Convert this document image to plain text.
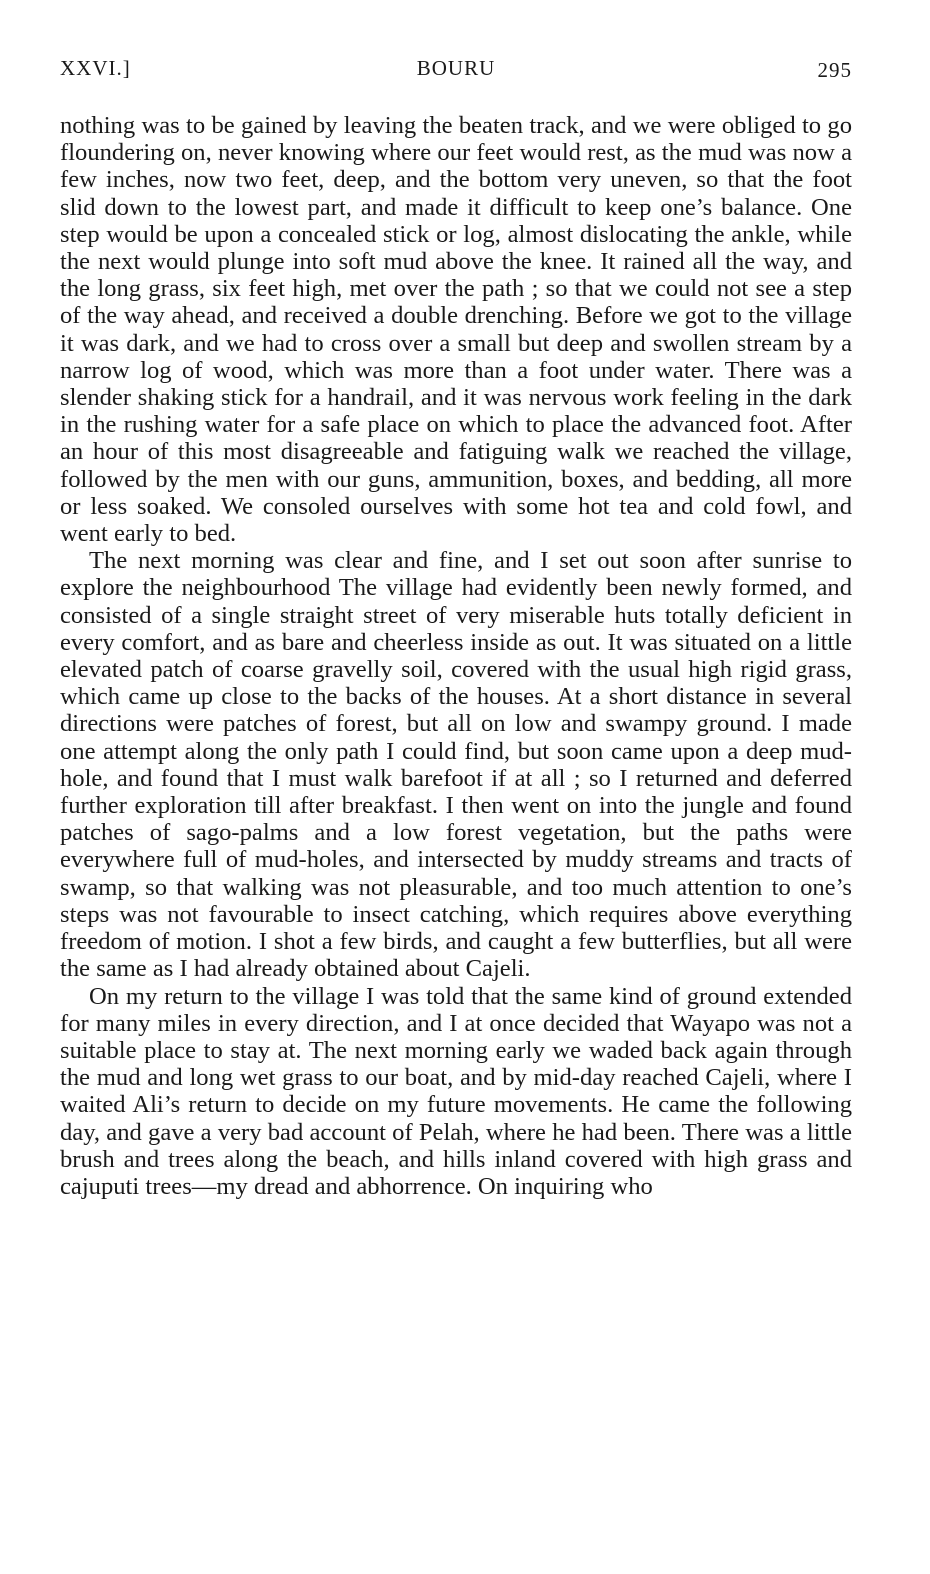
XXVI.]	BOURU	295

nothing was to be gained by leaving the beaten track, and we were obliged to go floundering on, never knowing where our feet would rest, as the mud was now a few inches, now two feet, deep, and the bottom very uneven, so that the foot slid down to the lowest part, and made it difficult to keep one’s balance. One step would be upon a concealed stick or log, almost dislocating the ankle, while the next would plunge into soft mud above the knee. It rained all the way, and the long grass, six feet high, met over the path ; so that we could not see a step of the way ahead, and received a double drenching. Before we got to the village it was dark, and we had to cross over a small but deep and swollen stream by a narrow log of wood, which was more than a foot under water. There was a slender shaking stick for a handrail, and it was nervous work feeling in the dark in the rushing water for a safe place on which to place the advanced foot. After an hour of this most disagreeable and fatiguing walk we reached the village, followed by the men with our guns, ammunition, boxes, and bedding, all more or less soaked. We consoled ourselves with some hot tea and cold fowl, and went early to bed.

The next morning was clear and fine, and I set out soon after sunrise to explore the neighbourhood The village had evidently been newly formed, and consisted of a single straight street of very miserable huts totally deficient in every comfort, and as bare and cheerless inside as out. It was situated on a little elevated patch of coarse gravelly soil, covered with the usual high rigid grass, which came up close to the backs of the houses. At a short distance in several directions were patches of forest, but all on low and swampy ground. I made one attempt along the only path I could find, but soon came upon a deep mud-hole, and found that I must walk barefoot if at all ; so I returned and deferred further exploration till after breakfast. I then went on into the jungle and found patches of sago-palms and a low forest vegetation, but the paths were everywhere full of mud-holes, and intersected by muddy streams and tracts of swamp, so that walking was not pleasurable, and too much attention to one’s steps was not favourable to insect catching, which requires above everything freedom of motion. I shot a few birds, and caught a few butterflies, but all were the same as I had already obtained about Cajeli.

On my return to the village I was told that the same kind of ground extended for many miles in every direction, and I at once decided that Wayapo was not a suitable place to stay at. The next morning early we waded back again through the mud and long wet grass to our boat, and by mid-day reached Cajeli, where I waited Ali’s return to decide on my future movements. He came the following day, and gave a very bad account of Pelah, where he had been. There was a little brush and trees along the beach, and hills inland covered with high grass and cajuputi trees—my dread and abhorrence. On inquiring who
